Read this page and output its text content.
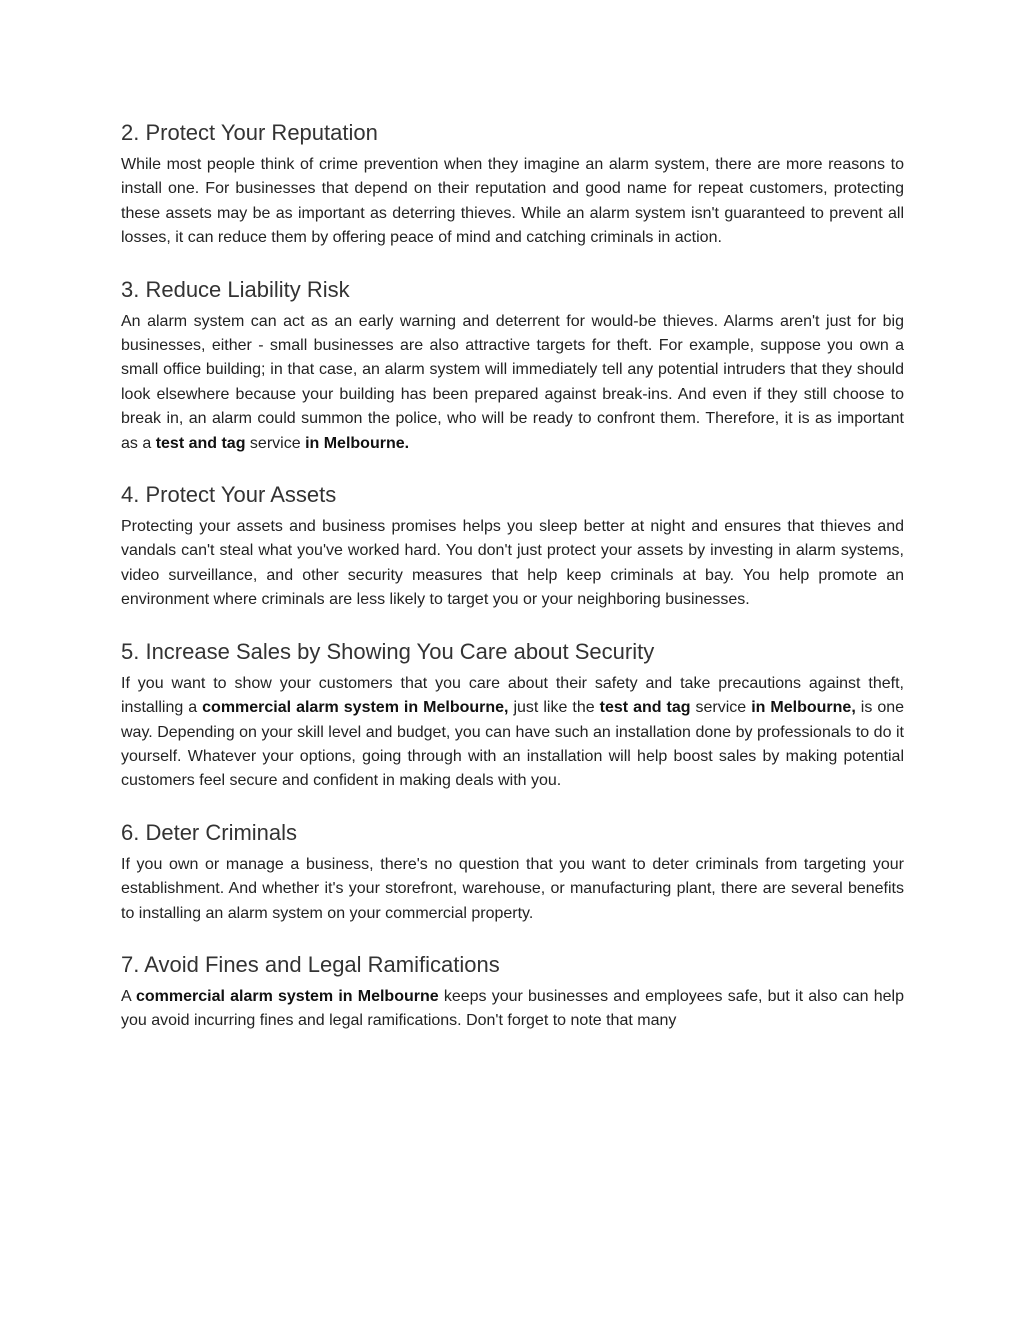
2. Protect Your Reputation

While most people think of crime prevention when they imagine an alarm system, there are more reasons to install one. For businesses that depend on their reputation and good name for repeat customers, protecting these assets may be as important as deterring thieves. While an alarm system isn't guaranteed to prevent all losses, it can reduce them by offering peace of mind and catching criminals in action.

3. Reduce Liability Risk

An alarm system can act as an early warning and deterrent for would-be thieves. Alarms aren't just for big businesses, either - small businesses are also attractive targets for theft. For example, suppose you own a small office building; in that case, an alarm system will immediately tell any potential intruders that they should look elsewhere because your building has been prepared against break-ins. And even if they still choose to break in, an alarm could summon the police, who will be ready to confront them. Therefore, it is as important as a test and tag service in Melbourne.

4. Protect Your Assets

Protecting your assets and business promises helps you sleep better at night and ensures that thieves and vandals can't steal what you've worked hard. You don't just protect your assets by investing in alarm systems, video surveillance, and other security measures that help keep criminals at bay. You help promote an environment where criminals are less likely to target you or your neighboring businesses.

5. Increase Sales by Showing You Care about Security

If you want to show your customers that you care about their safety and take precautions against theft, installing a commercial alarm system in Melbourne, just like the test and tag service in Melbourne, is one way. Depending on your skill level and budget, you can have such an installation done by professionals to do it yourself. Whatever your options, going through with an installation will help boost sales by making potential customers feel secure and confident in making deals with you.

6. Deter Criminals

If you own or manage a business, there's no question that you want to deter criminals from targeting your establishment. And whether it's your storefront, warehouse, or manufacturing plant, there are several benefits to installing an alarm system on your commercial property.

7. Avoid Fines and Legal Ramifications

A commercial alarm system in Melbourne keeps your businesses and employees safe, but it also can help you avoid incurring fines and legal ramifications. Don't forget to note that many
